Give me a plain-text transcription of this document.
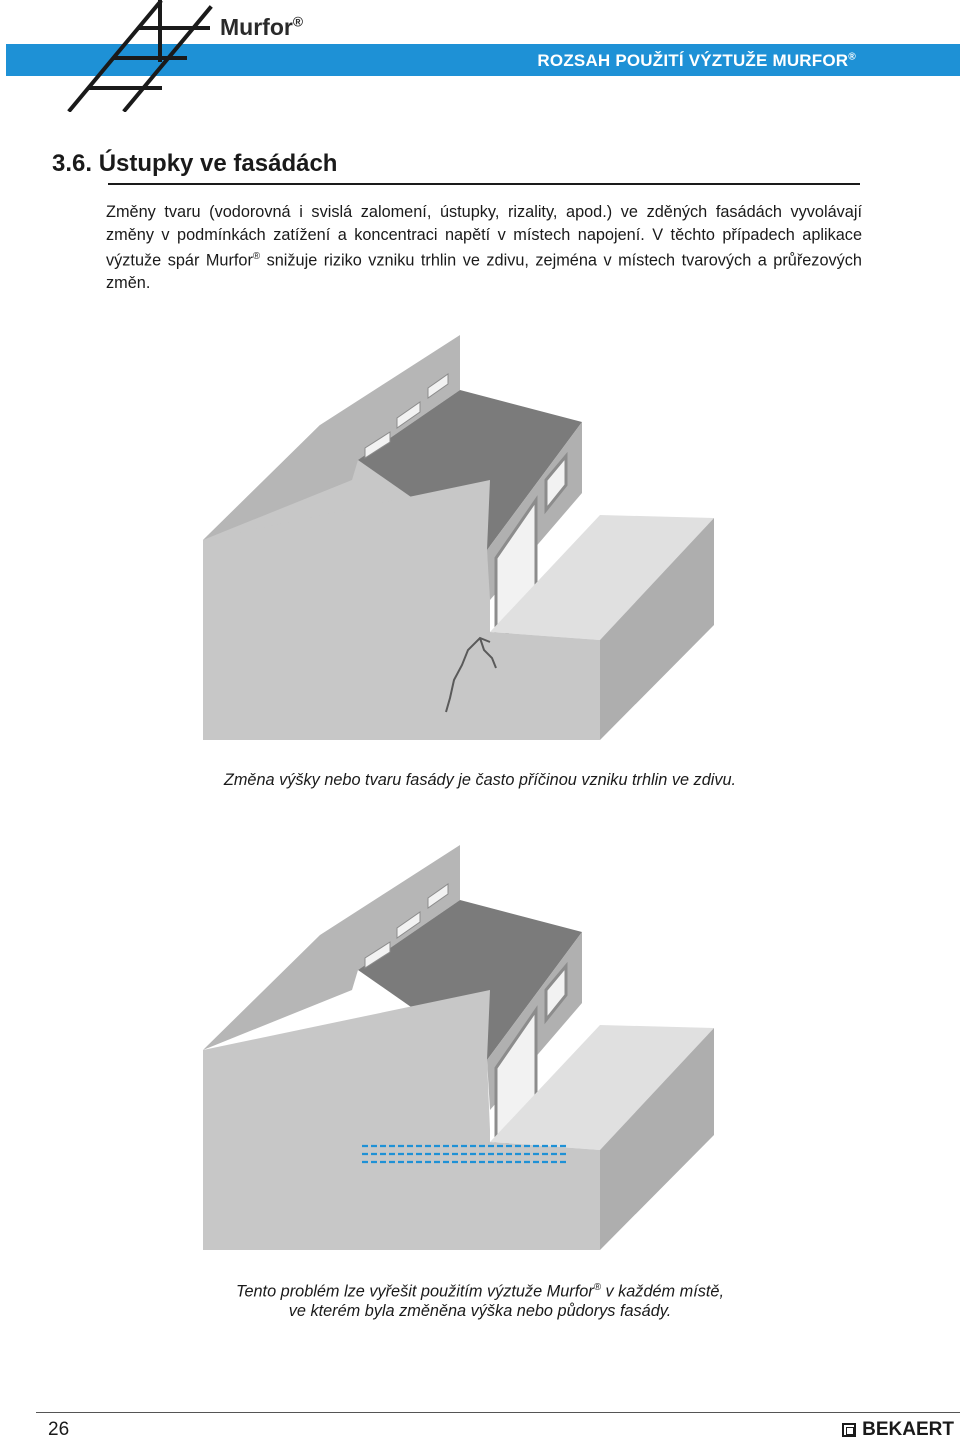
ROZSAH POUŽITÍ VÝZTUŽE MURFOR®
Murfor®
3.6. Ústupky ve fasádách
Změny tvaru (vodorovná i svislá zalomení, ústupky, rizality, apod.) ve zděných fasádách vyvolávají změny v podmínkách zatížení a koncentraci napětí v místech napojení. V těchto případech aplikace výztuže spár Murfor® snižuje riziko vzniku trhlin ve zdivu, zejména v místech tvarových a průřezových změn.
Změna výšky nebo tvaru fasády je často příčinou vzniku trhlin ve zdivu.
Tento problém lze vyřešit použitím výztuže Murfor® v každém místě,
ve kterém byla změněna výška nebo půdorys fasády.
26	BEKAERT
